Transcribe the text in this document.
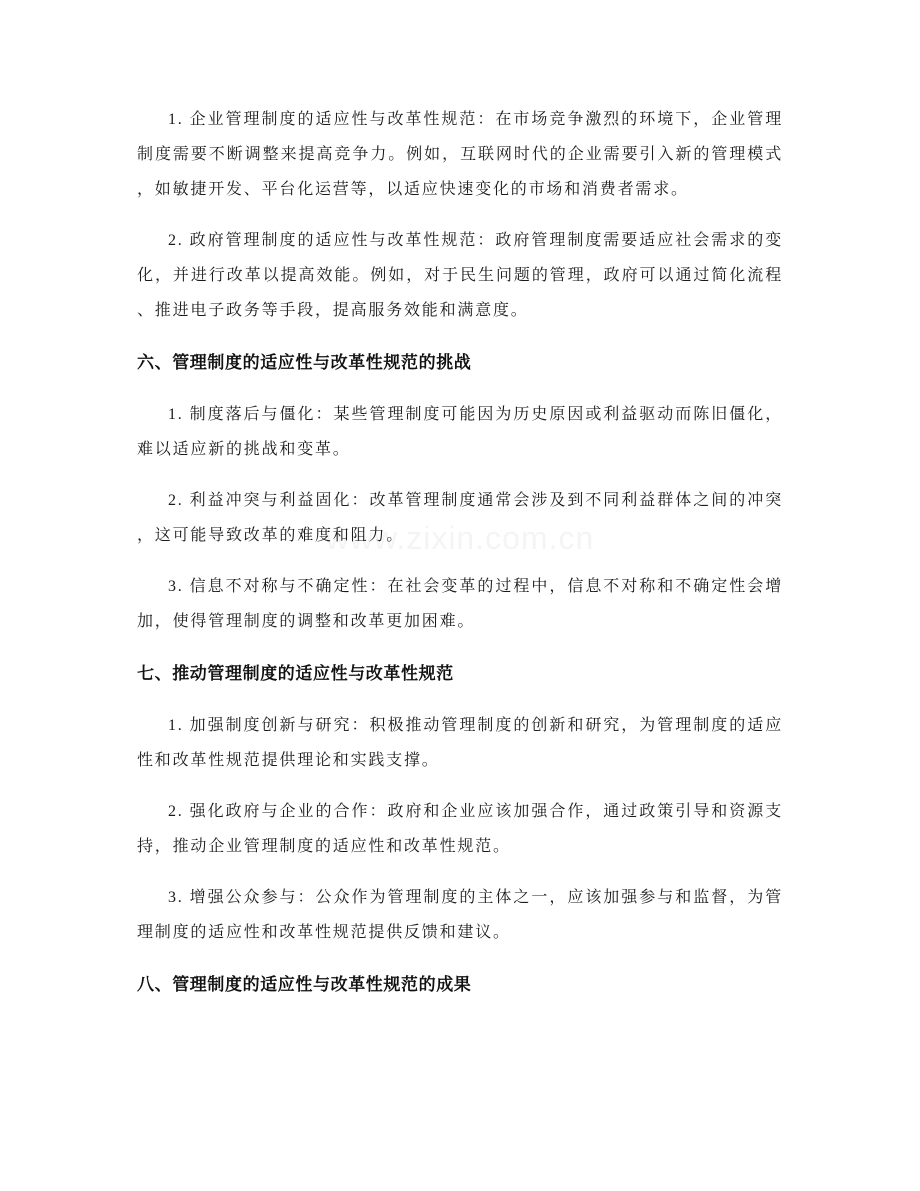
1. 企业管理制度的适应性与改革性规范：在市场竞争激烈的环境下，企业管理
制度需要不断调整来提高竞争力。例如，互联网时代的企业需要引入新的管理模式
，如敏捷开发、平台化运营等，以适应快速变化的市场和消费者需求。
2. 政府管理制度的适应性与改革性规范：政府管理制度需要适应社会需求的变
化，并进行改革以提高效能。例如，对于民生问题的管理，政府可以通过简化流程
、推进电子政务等手段，提高服务效能和满意度。
六、管理制度的适应性与改革性规范的挑战
1. 制度落后与僵化：某些管理制度可能因为历史原因或利益驱动而陈旧僵化，
难以适应新的挑战和变革。
2. 利益冲突与利益固化：改革管理制度通常会涉及到不同利益群体之间的冲突
，这可能导致改革的难度和阻力。
3. 信息不对称与不确定性：在社会变革的过程中，信息不对称和不确定性会增
加，使得管理制度的调整和改革更加困难。
七、推动管理制度的适应性与改革性规范
1. 加强制度创新与研究：积极推动管理制度的创新和研究，为管理制度的适应
性和改革性规范提供理论和实践支撑。
2. 强化政府与企业的合作：政府和企业应该加强合作，通过政策引导和资源支
持，推动企业管理制度的适应性和改革性规范。
3. 增强公众参与：公众作为管理制度的主体之一，应该加强参与和监督，为管
理制度的适应性和改革性规范提供反馈和建议。
八、管理制度的适应性与改革性规范的成果
